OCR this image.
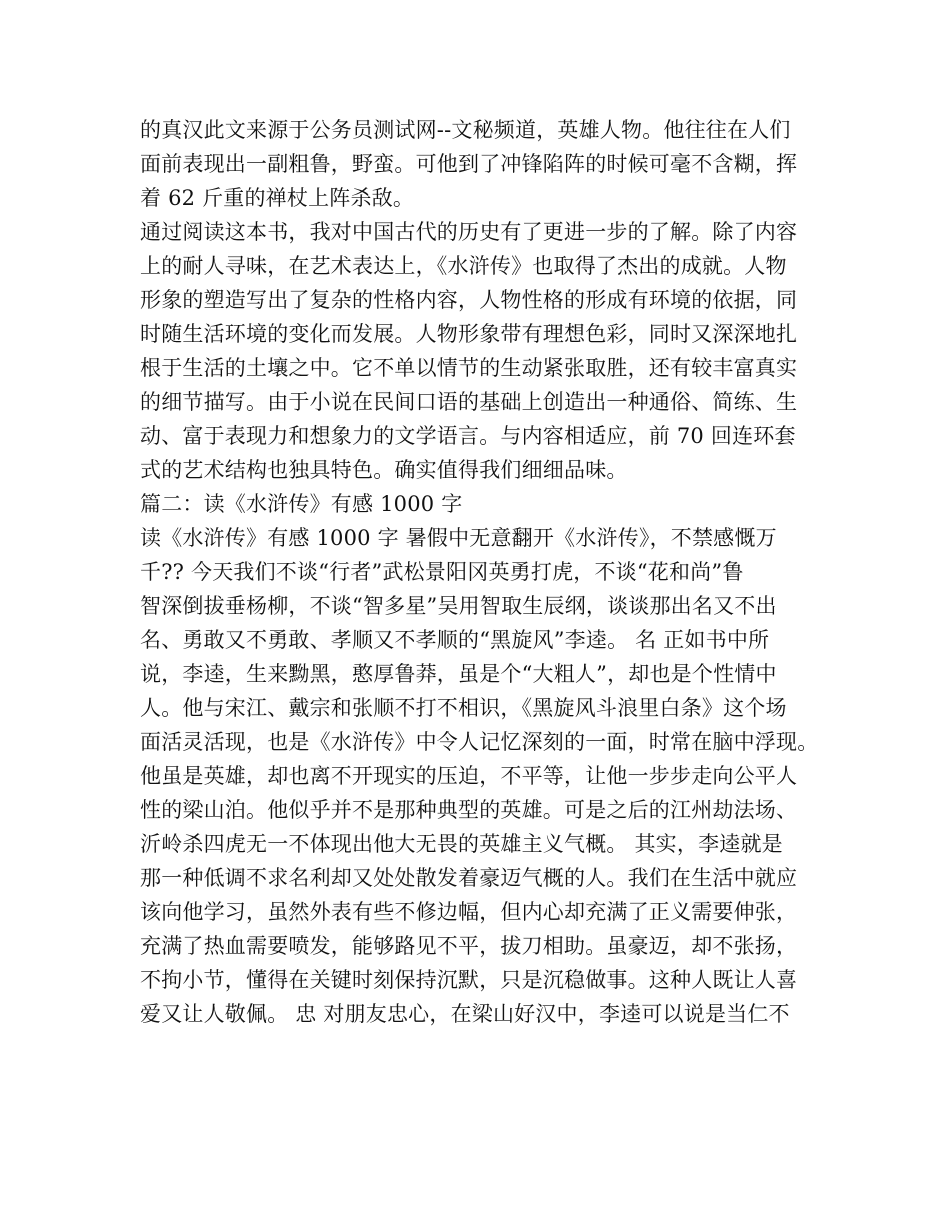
的真汉此文来源于公务员测试网--文秘频道，英雄人物。他往往在人们
面前表现出一副粗鲁，野蛮。可他到了冲锋陷阵的时候可毫不含糊，挥
着 62 斤重的禅杖上阵杀敌。
通过阅读这本书，我对中国古代的历史有了更进一步的了解。除了内容
上的耐人寻味，在艺术表达上，《水浒传》也取得了杰出的成就。人物
形象的塑造写出了复杂的性格内容，人物性格的形成有环境的依据，同
时随生活环境的变化而发展。人物形象带有理想色彩，同时又深深地扎
根于生活的土壤之中。它不单以情节的生动紧张取胜，还有较丰富真实
的细节描写。由于小说在民间口语的基础上创造出一种通俗、简练、生
动、富于表现力和想象力的文学语言。与内容相适应，前 70 回连环套
式的艺术结构也独具特色。确实值得我们细细品味。
篇二：读《水浒传》有感 1000 字
读《水浒传》有感 1000 字 暑假中无意翻开《水浒传》，不禁感慨万
千?? 今天我们不谈“行者”武松景阳冈英勇打虎，不谈“花和尚”鲁
智深倒拔垂杨柳，不谈“智多星”吴用智取生辰纲，谈谈那出名又不出
名、勇敢又不勇敢、孝顺又不孝顺的“黑旋风”李逵。 名 正如书中所
说，李逵，生来黝黑，憨厚鲁莽，虽是个“大粗人”，却也是个性情中
人。他与宋江、戴宗和张顺不打不相识，《黑旋风斗浪里白条》这个场
面活灵活现，也是《水浒传》中令人记忆深刻的一面，时常在脑中浮现。
他虽是英雄，却也离不开现实的压迫，不平等，让他一步步走向公平人
性的梁山泊。他似乎并不是那种典型的英雄。可是之后的江州劫法场、
沂岭杀四虎无一不体现出他大无畏的英雄主义气概。 其实，李逵就是
那一种低调不求名利却又处处散发着豪迈气概的人。我们在生活中就应
该向他学习，虽然外表有些不修边幅，但内心却充满了正义需要伸张，
充满了热血需要喷发，能够路见不平，拔刀相助。虽豪迈，却不张扬，
不拘小节，懂得在关键时刻保持沉默，只是沉稳做事。这种人既让人喜
爱又让人敬佩。 忠 对朋友忠心，在梁山好汉中，李逵可以说是当仁不
